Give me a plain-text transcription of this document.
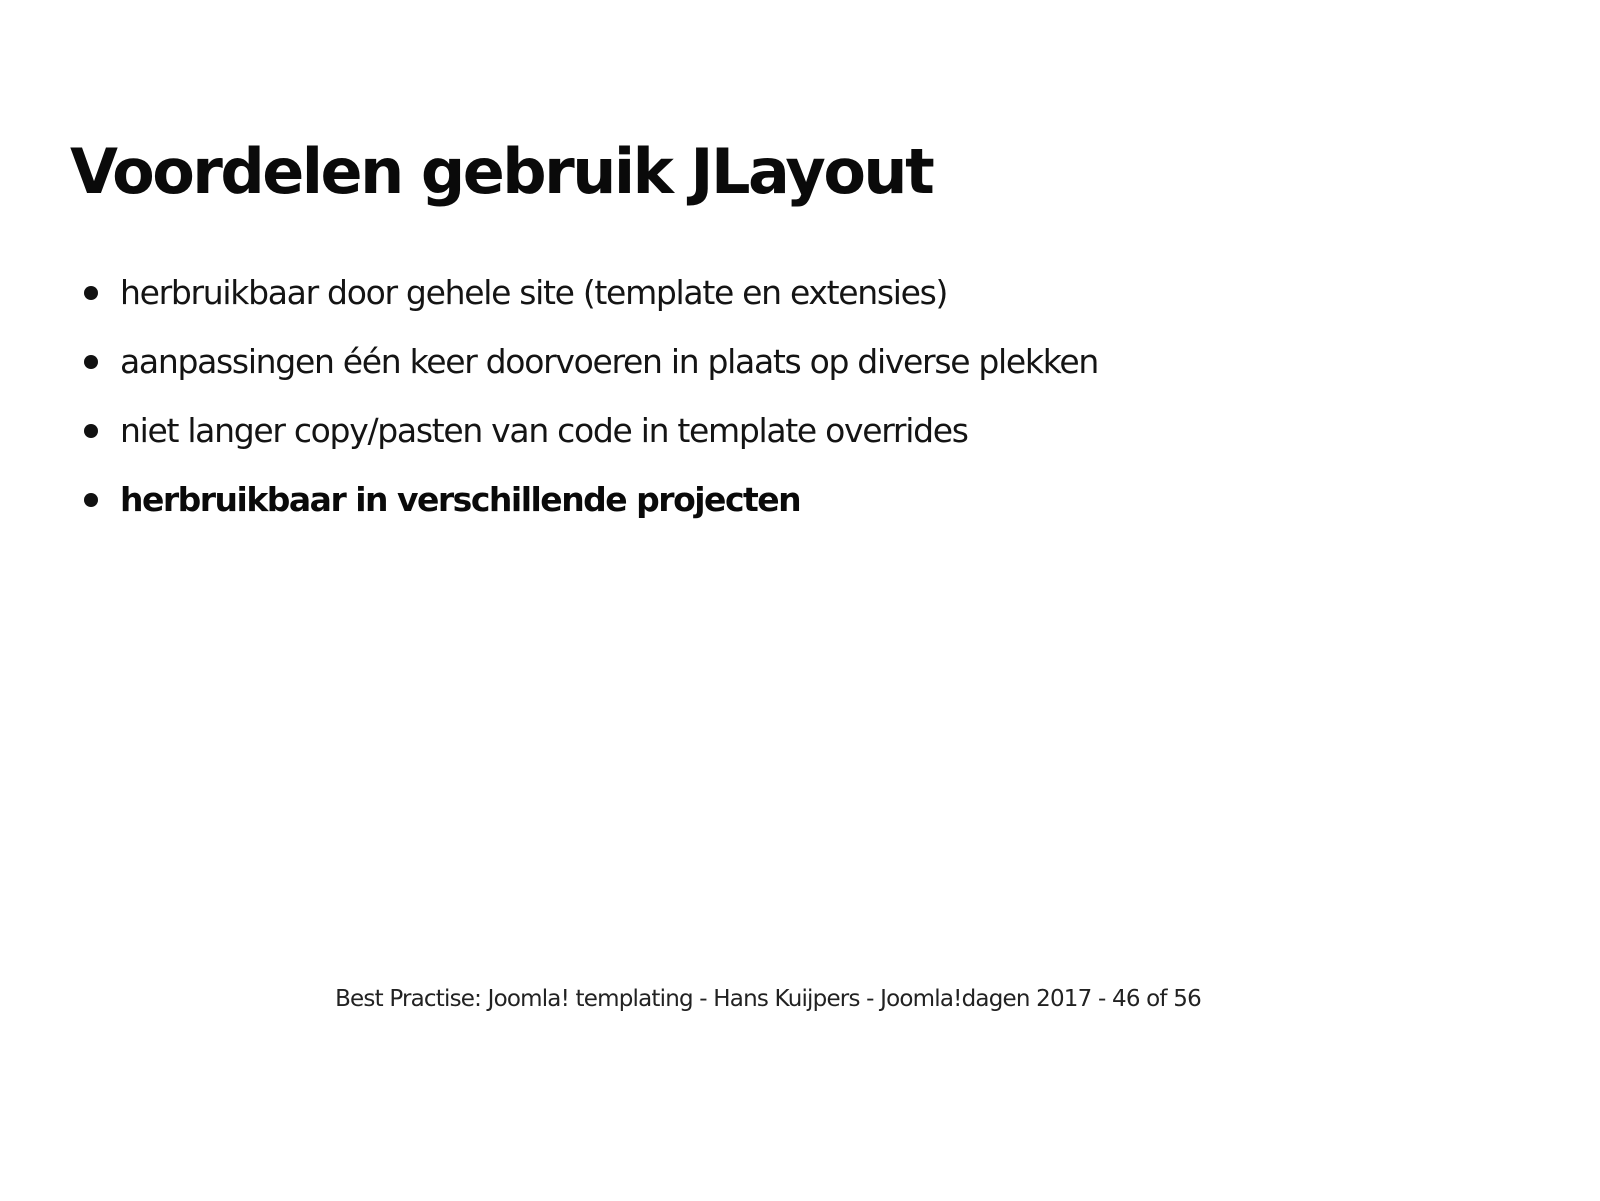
Voordelen gebruik JLayout
herbruikbaar door gehele site (template en extensies)
aanpassingen één keer doorvoeren in plaats op diverse plekken
niet langer copy/pasten van code in template overrides
herbruikbaar in verschillende projecten
Best Practise: Joomla! templating - Hans Kuijpers - Joomla!dagen 2017 - 46 of 56
